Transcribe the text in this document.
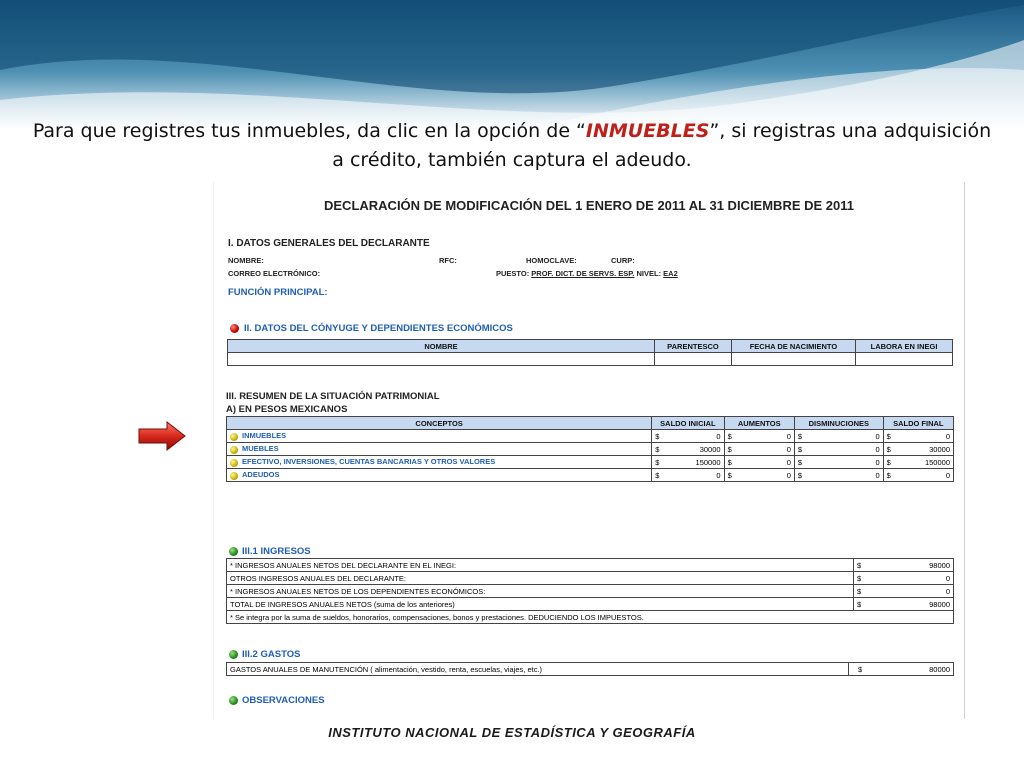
Para que registres tus inmuebles, da clic en la opción de “INMUEBLES”, si registras una adquisición a crédito, también captura el adeudo.
DECLARACIÓN DE MODIFICACIÓN DEL 1 ENERO DE 2011 AL 31 DICIEMBRE DE 2011
I. DATOS GENERALES DEL DECLARANTE
NOMBRE:	RFC:	HOMOCLAVE:	CURP:
CORREO ELECTRÓNICO:	PUESTO: PROF. DICT. DE SERVS. ESP. NIVEL: EA2
FUNCIÓN PRINCIPAL:
II. DATOS DEL CÓNYUGE Y DEPENDIENTES ECONÓMICOS
NOMBRE	PARENTESCO	FECHA DE NACIMIENTO	LABORA EN INEGI

III. RESUMEN DE LA SITUACIÓN PATRIMONIAL
A) EN PESOS MEXICANOS
CONCEPTOS	SALDO INICIAL	AUMENTOS	DISMINUCIONES	SALDO FINAL
INMUEBLES	$ 0	$ 0	$ 0	$ 0

MUEBLES	$ 30000	$ 0	$ 0	$ 30000

EFECTIVO, INVERSIONES, CUENTAS BANCARIAS Y OTROS VALORES	$ 150000	$ 0	$ 0	$ 150000

ADEUDOS	$ 0	$ 0	$ 0	$ 0
III.1 INGRESOS
* INGRESOS ANUALES NETOS DEL DECLARANTE EN EL INEGI:	$ 98000

OTROS INGRESOS ANUALES DEL DECLARANTE:	$ 0

* INGRESOS ANUALES NETOS DE LOS DEPENDIENTES ECONÓMICOS:	$ 0

TOTAL DE INGRESOS ANUALES NETOS (suma de los anteriores)	$ 98000

* Se integra por la suma de sueldos, honorarios, compensaciones, bonos y prestaciones. DEDUCIENDO LOS IMPUESTOS.	
III.2 GASTOS
GASTOS ANUALES DE MANUTENCIÓN ( alimentación, vestido, renta, escuelas, viajes, etc.)	$	80000
OBSERVACIONES
INSTITUTO NACIONAL DE ESTADÍSTICA Y GEOGRAFÍA
